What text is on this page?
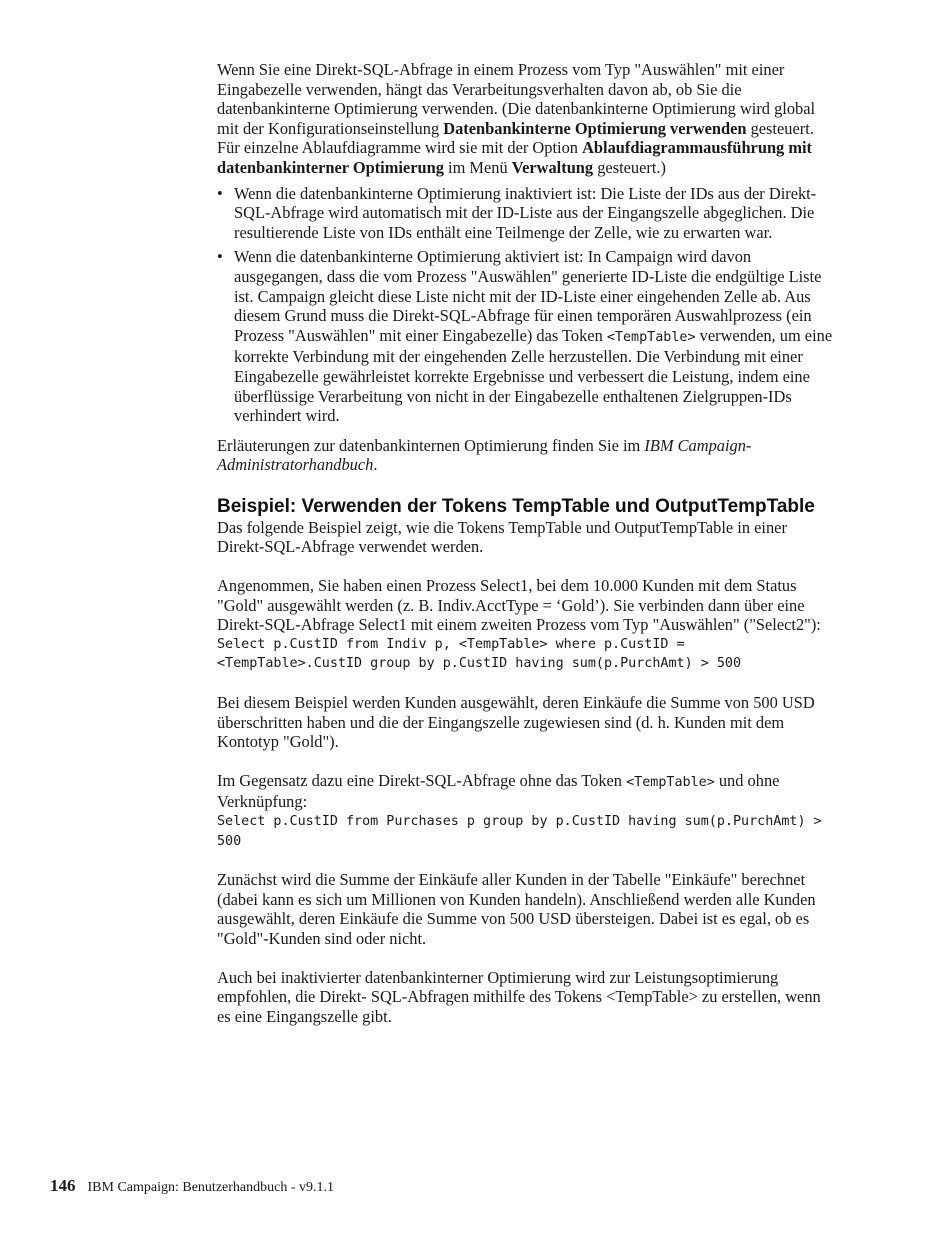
Wenn Sie eine Direkt-SQL-Abfrage in einem Prozess vom Typ "Auswählen" mit einer Eingabezelle verwenden, hängt das Verarbeitungsverhalten davon ab, ob Sie die datenbankinterne Optimierung verwenden. (Die datenbankinterne Optimierung wird global mit der Konfigurationseinstellung Datenbankinterne Optimierung verwenden gesteuert. Für einzelne Ablaufdiagramme wird sie mit der Option Ablaufdiagrammausführung mit datenbankinterner Optimierung im Menü Verwaltung gesteuert.)

• Wenn die datenbankinterne Optimierung inaktiviert ist: Die Liste der IDs aus der Direkt-SQL-Abfrage wird automatisch mit der ID-Liste aus der Eingangszelle abgeglichen. Die resultierende Liste von IDs enthält eine Teilmenge der Zelle, wie zu erwarten war.
• Wenn die datenbankinterne Optimierung aktiviert ist: In Campaign wird davon ausgegangen, dass die vom Prozess "Auswählen" generierte ID-Liste die endgültige Liste ist. Campaign gleicht diese Liste nicht mit der ID-Liste einer eingehenden Zelle ab. Aus diesem Grund muss die Direkt-SQL-Abfrage für einen temporären Auswahlprozess (ein Prozess "Auswählen" mit einer Eingabezelle) das Token <TempTable> verwenden, um eine korrekte Verbindung mit der eingehenden Zelle herzustellen. Die Verbindung mit einer Eingabezelle gewährleistet korrekte Ergebnisse und verbessert die Leistung, indem eine überflüssige Verarbeitung von nicht in der Eingabezelle enthaltenen Zielgruppen-IDs verhindert wird.

Erläuterungen zur datenbankinternen Optimierung finden Sie im IBM Campaign-Administratorhandbuch.

Beispiel: Verwenden der Tokens TempTable und OutputTempTable

Das folgende Beispiel zeigt, wie die Tokens TempTable und OutputTempTable in einer Direkt-SQL-Abfrage verwendet werden.

Angenommen, Sie haben einen Prozess Select1, bei dem 10.000 Kunden mit dem Status "Gold" ausgewählt werden (z. B. Indiv.AcctType = ‘Gold’). Sie verbinden dann über eine Direkt-SQL-Abfrage Select1 mit einem zweiten Prozess vom Typ "Auswählen" ("Select2"):

Select p.CustID from Indiv p, <TempTable> where p.CustID =
<TempTable>.CustID group by p.CustID having sum(p.PurchAmt) > 500

Bei diesem Beispiel werden Kunden ausgewählt, deren Einkäufe die Summe von 500 USD überschritten haben und die der Eingangszelle zugewiesen sind (d. h. Kunden mit dem Kontotyp "Gold").

Im Gegensatz dazu eine Direkt-SQL-Abfrage ohne das Token <TempTable> und ohne Verknüpfung:

Select p.CustID from Purchases p group by p.CustID having sum(p.PurchAmt) >
500

Zunächst wird die Summe der Einkäufe aller Kunden in der Tabelle "Einkäufe" berechnet (dabei kann es sich um Millionen von Kunden handeln). Anschließend werden alle Kunden ausgewählt, deren Einkäufe die Summe von 500 USD übersteigen. Dabei ist es egal, ob es "Gold"-Kunden sind oder nicht.

Auch bei inaktivierter datenbankinterner Optimierung wird zur Leistungsoptimierung empfohlen, die Direkt- SQL-Abfragen mithilfe des Tokens <TempTable> zu erstellen, wenn es eine Eingangszelle gibt.

146 IBM Campaign: Benutzerhandbuch - v9.1.1
